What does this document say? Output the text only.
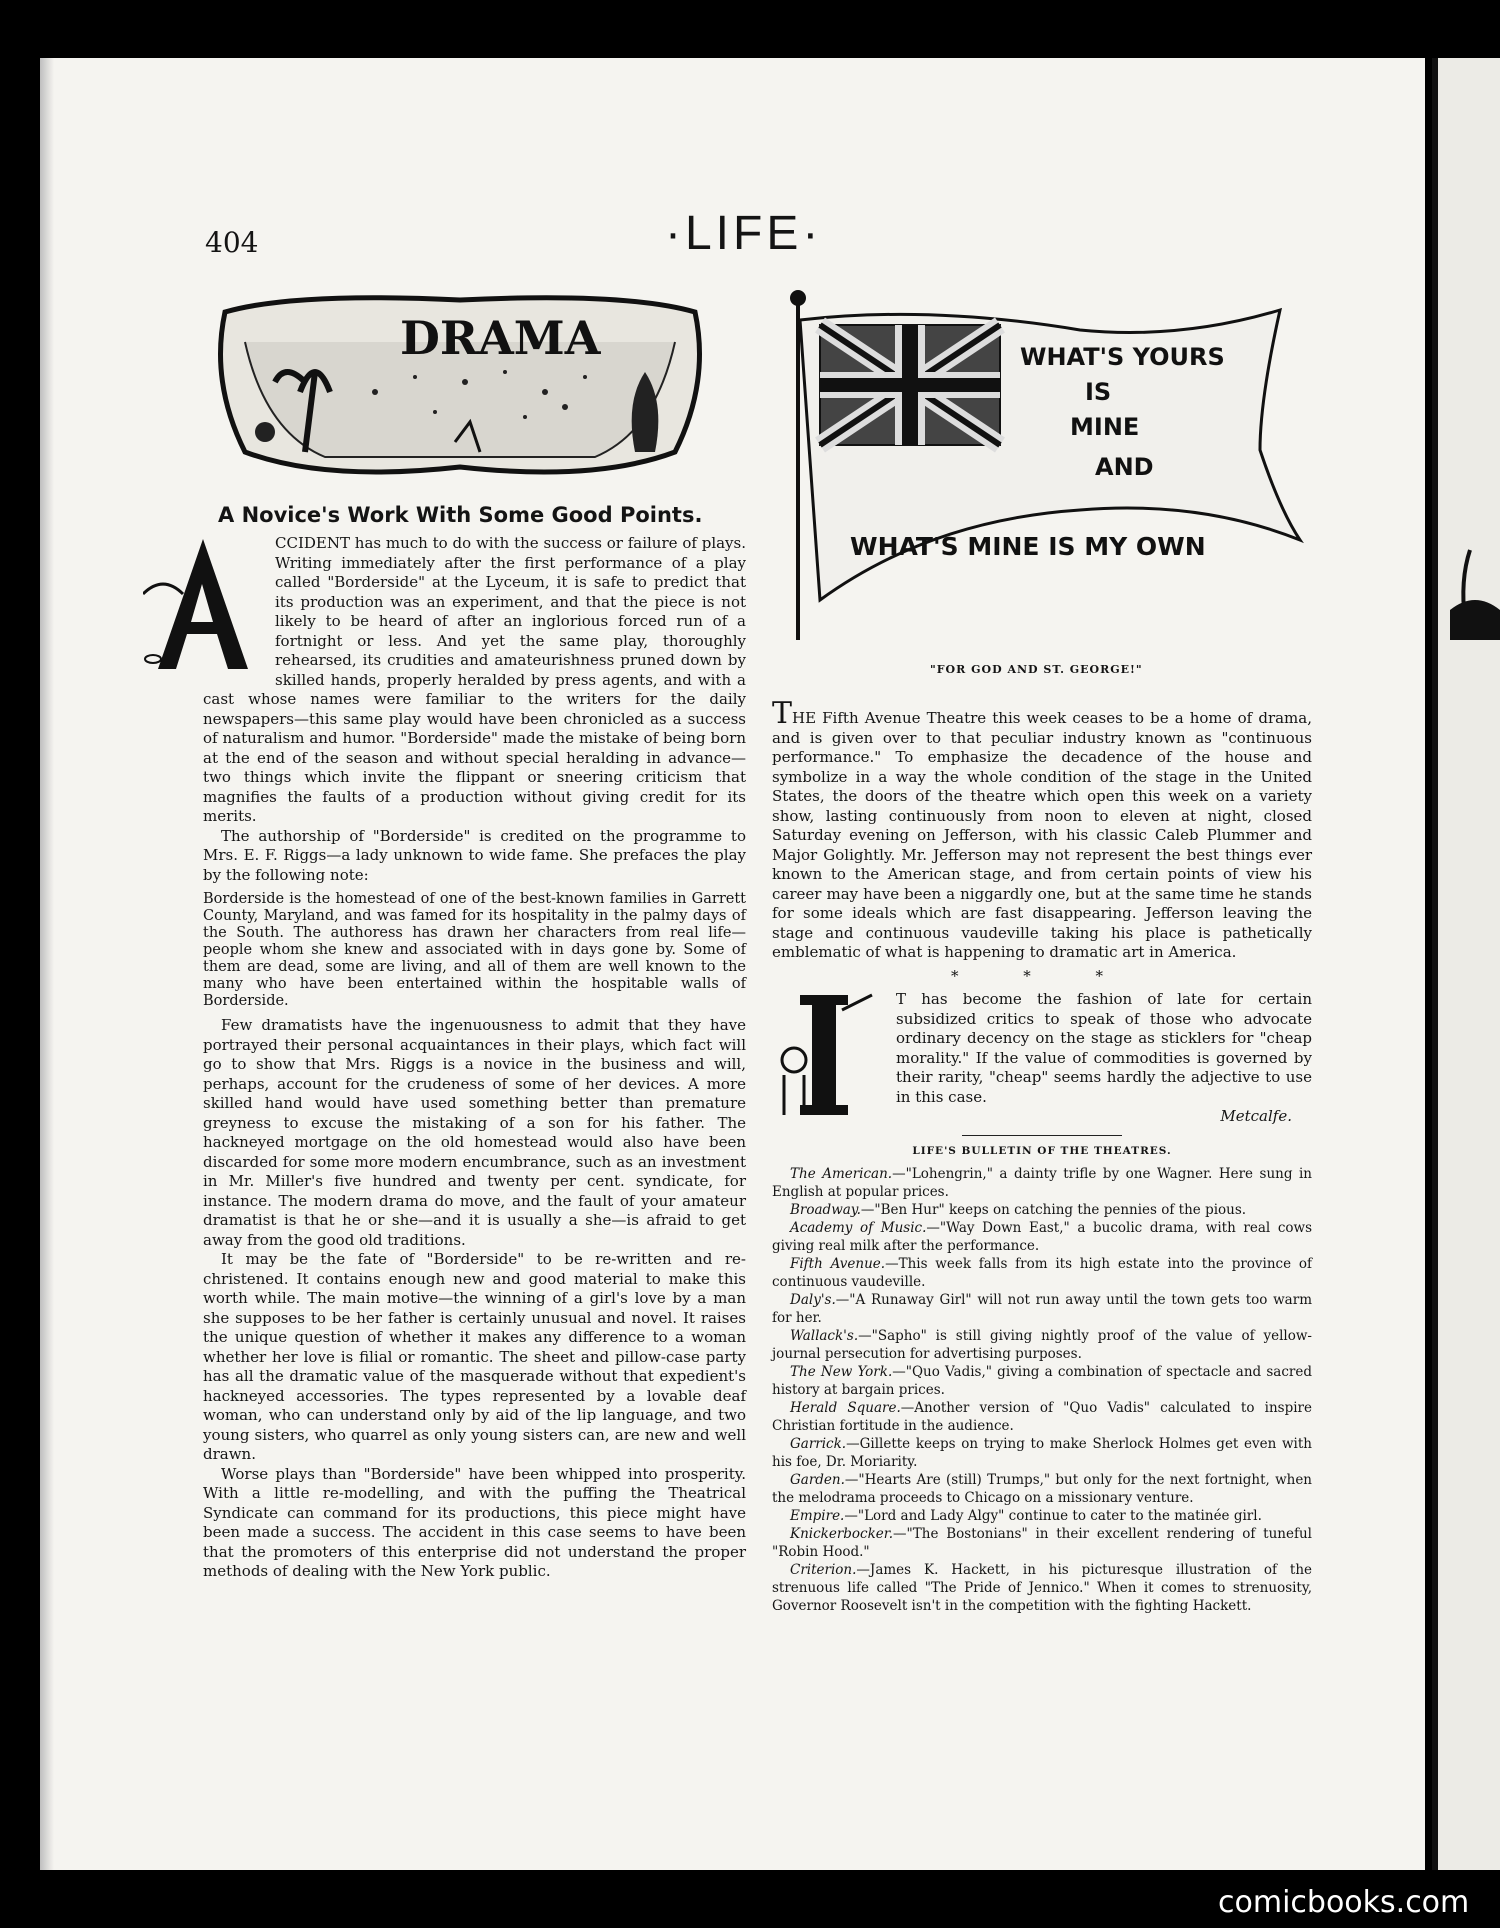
404	·LIFE·
DRAMA
A Novice's Work With Some Good Points.

CCIDENT has much to do with the success or failure of plays. Writing immediately after the first performance of a play called "Borderside" at the Lyceum, it is safe to predict that its production was an experiment, and that the piece is not likely to be heard of after an inglorious forced run of a fortnight or less. And yet the same play, thoroughly rehearsed, its crudities and amateurishness pruned down by skilled hands, properly heralded by press agents, and with a cast whose names were familiar to the writers for the daily newspapers—this same play would have been chronicled as a success of naturalism and humor. "Borderside" made the mistake of being born at the end of the season and without special heralding in advance—two things which invite the flippant or sneering criticism that magnifies the faults of a production without giving credit for its merits.

The authorship of "Borderside" is credited on the programme to Mrs. E. F. Riggs—a lady unknown to wide fame. She prefaces the play by the following note:

Borderside is the homestead of one of the best-known families in Garrett County, Maryland, and was famed for its hospitality in the palmy days of the South. The authoress has drawn her characters from real life—people whom she knew and associated with in days gone by. Some of them are dead, some are living, and all of them are well known to the many who have been entertained within the hospitable walls of Borderside.

Few dramatists have the ingenuousness to admit that they have portrayed their personal acquaintances in their plays, which fact will go to show that Mrs. Riggs is a novice in the business and will, perhaps, account for the crudeness of some of her devices. A more skilled hand would have used something better than premature greyness to excuse the mistaking of a son for his father. The hackneyed mortgage on the old homestead would also have been discarded for some more modern encumbrance, such as an investment in Mr. Miller's five hundred and twenty per cent. syndicate, for instance. The modern drama do move, and the fault of your amateur dramatist is that he or she—and it is usually a she—is afraid to get away from the good old traditions.

It may be the fate of "Borderside" to be re-written and re-christened. It contains enough new and good material to make this worth while. The main motive—the winning of a girl's love by a man she supposes to be her father is certainly unusual and novel. It raises the unique question of whether it makes any difference to a woman whether her love is filial or romantic. The sheet and pillow-case party has all the dramatic value of the masquerade without that expedient's hackneyed accessories. The types represented by a lovable deaf woman, who can understand only by aid of the lip language, and two young sisters, who quarrel as only young sisters can, are new and well drawn.

Worse plays than "Borderside" have been whipped into prosperity. With a little re-modelling, and with the puffing the Theatrical Syndicate can command for its productions, this piece might have been made a success. The accident in this case seems to have been that the promoters of this enterprise did not understand the proper methods of dealing with the New York public.

WHAT'S YOURS
IS
MINE
AND
WHAT'S MINE IS MY OWN
"FOR GOD AND ST. GEORGE!"

THE Fifth Avenue Theatre this week ceases to be a home of drama, and is given over to that peculiar industry known as "continuous performance." To emphasize the decadence of the house and symbolize in a way the whole condition of the stage in the United States, the doors of the theatre which open this week on a variety show, lasting continuously from noon to eleven at night, closed Saturday evening on Jefferson, with his classic Caleb Plummer and Major Golightly. Mr. Jefferson may not represent the best things ever known to the American stage, and from certain points of view his career may have been a niggardly one, but at the same time he stands for some ideals which are fast disappearing. Jefferson leaving the stage and continuous vaudeville taking his place is pathetically emblematic of what is happening to dramatic art in America.

* * *

T has become the fashion of late for certain subsidized critics to speak of those who advocate ordinary decency on the stage as sticklers for "cheap morality." If the value of commodities is governed by their rarity, "cheap" seems hardly the adjective to use in this case.

Metcalfe.
LIFE'S BULLETIN OF THE THEATRES.

The American.—"Lohengrin," a dainty trifle by one Wagner. Here sung in English at popular prices.

Broadway.—"Ben Hur" keeps on catching the pennies of the pious.

Academy of Music.—"Way Down East," a bucolic drama, with real cows giving real milk after the performance.

Fifth Avenue.—This week falls from its high estate into the province of continuous vaudeville.

Daly's.—"A Runaway Girl" will not run away until the town gets too warm for her.

Wallack's.—"Sapho" is still giving nightly proof of the value of yellow-journal persecution for advertising purposes.

The New York.—"Quo Vadis," giving a combination of spectacle and sacred history at bargain prices.

Herald Square.—Another version of "Quo Vadis" calculated to inspire Christian fortitude in the audience.

Garrick.—Gillette keeps on trying to make Sherlock Holmes get even with his foe, Dr. Moriarity.

Garden.—"Hearts Are (still) Trumps," but only for the next fortnight, when the melodrama proceeds to Chicago on a missionary venture.

Empire.—"Lord and Lady Algy" continue to cater to the matinée girl.

Knickerbocker.—"The Bostonians" in their excellent rendering of tuneful "Robin Hood."

Criterion.—James K. Hackett, in his picturesque illustration of the strenuous life called "The Pride of Jennico." When it comes to strenuosity, Governor Roosevelt isn't in the competition with the fighting Hackett.

comicbooks.com
